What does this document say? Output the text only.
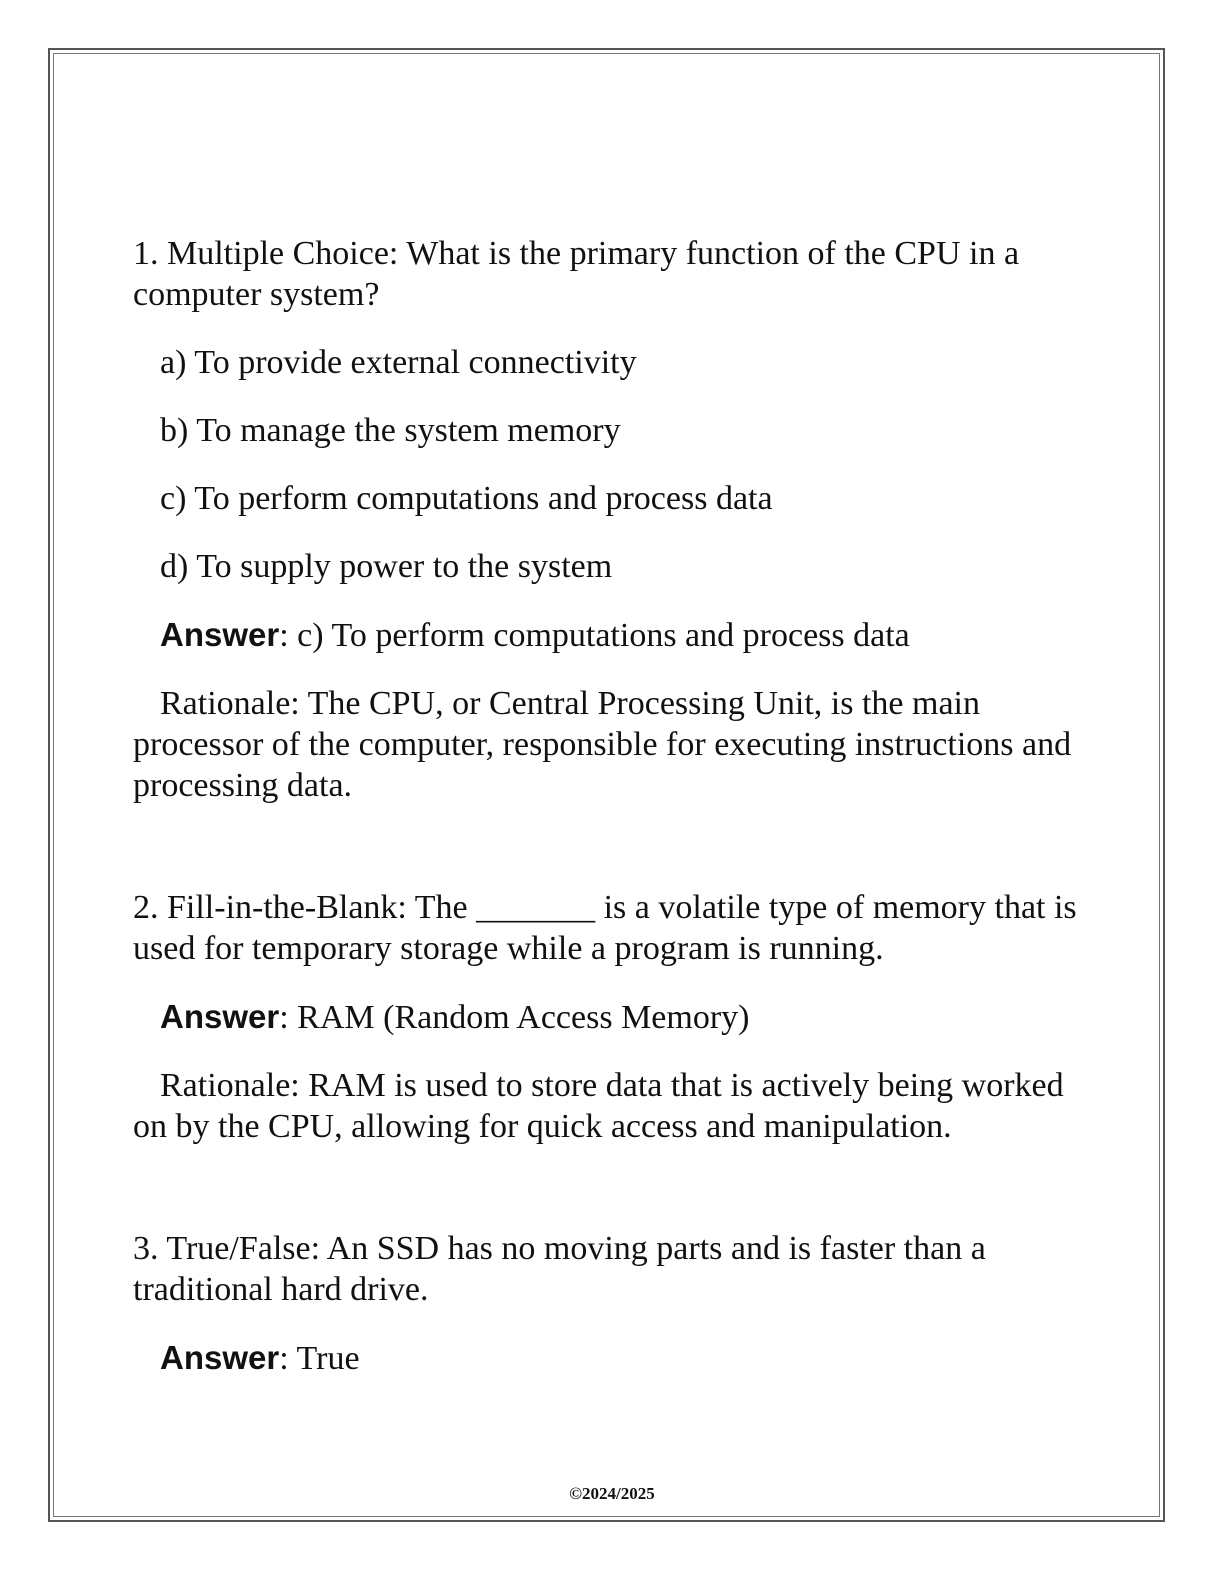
1. Multiple Choice: What is the primary function of the CPU in a computer system?

a) To provide external connectivity

b) To manage the system memory

c) To perform computations and process data

d) To supply power to the system

Answer: c) To perform computations and process data

Rationale: The CPU, or Central Processing Unit, is the main processor of the computer, responsible for executing instructions and processing data.

2. Fill-in-the-Blank: The _______ is a volatile type of memory that is used for temporary storage while a program is running.

Answer: RAM (Random Access Memory)

Rationale: RAM is used to store data that is actively being worked on by the CPU, allowing for quick access and manipulation.

3. True/False: An SSD has no moving parts and is faster than a traditional hard drive.

Answer: True

©2024/2025
